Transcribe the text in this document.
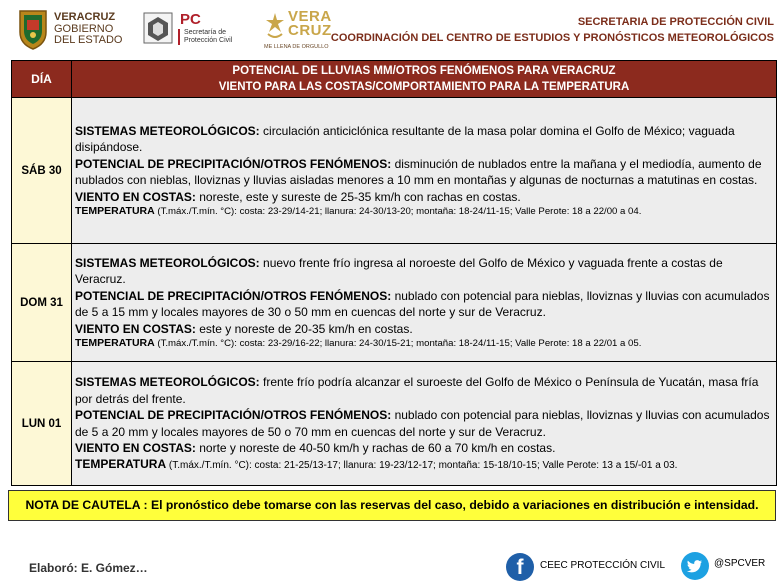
VERACRUZ
GOBIERNO
DEL ESTADO
PC
Secretaría de
Protección Civil
VERA
CRUZ
ME LLENA DE ORGULLO
SECRETARIA DE PROTECCIÓN CIVIL
COORDINACIÓN DEL CENTRO DE ESTUDIOS Y PRONÓSTICOS METEOROLÓGICOS
DÍA	POTENCIAL DE LLUVIAS MM/OTROS FENÓMENOS PARA VERACRUZ
VIENTO PARA LAS COSTAS/COMPORTAMIENTO PARA LA TEMPERATURA

SÁB 30	SISTEMAS METEOROLÓGICOS: circulación anticiclónica resultante de la masa polar domina el Golfo de México; vaguada disipándose.

POTENCIAL DE PRECIPITACIÓN/OTROS FENÓMENOS: disminución de nublados entre la mañana y el mediodía, aumento de nublados con nieblas, lloviznas y lluvias aisladas menores a 10 mm en montañas y algunas de nocturnas a matutinas en costas.

VIENTO EN COSTAS: noreste, este y sureste de 25-35 km/h con rachas en costas.

TEMPERATURA (T.máx./T.mín. °C): costa: 23-29/14-21; llanura: 24-30/13-20; montaña: 18-24/11-15; Valle Perote: 18 a 22/00 a 04.

DOM 31	SISTEMAS METEOROLÓGICOS: nuevo frente frío ingresa al noroeste del Golfo de México y vaguada frente a costas de Veracruz.

POTENCIAL DE PRECIPITACIÓN/OTROS FENÓMENOS: nublado con potencial para nieblas, lloviznas y lluvias con acumulados de 5 a 15 mm y locales mayores de 30 o 50 mm en cuencas del norte y sur de Veracruz.

VIENTO EN COSTAS: este y noreste de 20-35 km/h en costas.

TEMPERATURA (T.máx./T.mín. °C): costa: 23-29/16-22; llanura: 24-30/15-21; montaña: 18-24/11-15; Valle Perote: 18 a 22/01 a 05.

LUN 01	SISTEMAS METEOROLÓGICOS: frente frío podría alcanzar el suroeste del Golfo de México o Península de Yucatán, masa fría por detrás del frente.

POTENCIAL DE PRECIPITACIÓN/OTROS FENÓMENOS: nublado con potencial para nieblas, lloviznas y lluvias con acumulados de 5 a 20 mm y locales mayores de 50 o 70 mm en cuencas del norte y sur de Veracruz.

VIENTO EN COSTAS: norte y noreste de 40-50 km/h y rachas de 60 a 70 km/h en costas.

TEMPERATURA (T.máx./T.mín. °C): costa: 21-25/13-17; llanura: 19-23/12-17; montaña: 15-18/10-15; Valle Perote: 13 a 15/-01 a 03.

NOTA DE CAUTELA : El pronóstico debe tomarse con las reservas del caso, debido a variaciones en distribución e intensidad.
Elaboró: E. Gómez…	f	CEEC PROTECCIÓN CIVIL	@SPCVER
